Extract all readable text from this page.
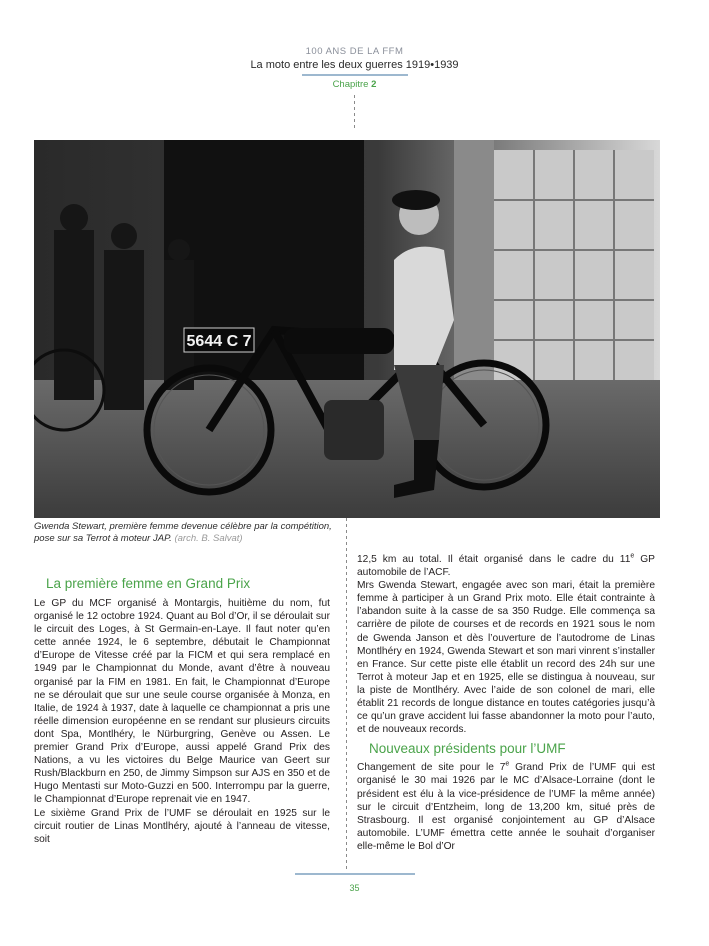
100 ANS DE LA FFM
La moto entre les deux guerres 1919•1939
Chapitre 2
5644 C 7
Gwenda Stewart, première femme devenue célèbre par la compétition, pose sur sa Terrot à moteur JAP. (arch. B. Salvat)
La première femme en Grand Prix

Le GP du MCF organisé à Montargis, huitième du nom, fut organisé le 12 octobre 1924. Quant au Bol d’Or, il se déroulait sur le circuit des Loges, à St Germain-en-Laye. Il faut noter qu’en cette année 1924, le 6 septembre, débutait le Championnat d’Europe de Vitesse créé par la FICM et qui sera remplacé en 1949 par le Championnat du Monde, avant d’être à nouveau organisé par la FIM en 1981. En fait, le Championnat d’Europe ne se déroulait que sur une seule course organisée à Monza, en Italie, de 1924 à 1937, date à laquelle ce championnat a pris une réelle dimension européenne en se rendant sur plusieurs circuits dont Spa, Montlhéry, le Nürburgring, Genève ou Assen. Le premier Grand Prix d’Europe, aussi appelé Grand Prix des Nations, a vu les victoires du Belge Maurice van Geert sur Rush/Blackburn en 250, de Jimmy Simpson sur AJS en 350 et de Hugo Mentasti sur Moto-Guzzi en 500. Interrompu par la guerre, le Championnat d’Europe reprenait vie en 1947.

Le sixième Grand Prix de l’UMF se déroulait en 1925 sur le circuit routier de Linas Montlhéry, ajouté à l’anneau de vitesse, soit

12,5 km au total. Il était organisé dans le cadre du 11e GP automobile de l’ACF.

Mrs Gwenda Stewart, engagée avec son mari, était la première femme à participer à un Grand Prix moto. Elle était contrainte à l’abandon suite à la casse de sa 350 Rudge. Elle commença sa carrière de pilote de courses et de records en 1921 sous le nom de Gwenda Janson et dès l’ouverture de l’autodrome de Linas Montlhéry en 1924, Gwenda Stewart et son mari vinrent s’installer en France. Sur cette piste elle établit un record des 24h sur une Terrot à moteur Jap et en 1925, elle se distingua à nouveau, sur la piste de Montlhéry. Avec l’aide de son colonel de mari, elle établit 21 records de longue distance en toutes catégories jusqu’à ce qu’un grave accident lui fasse abandonner la moto pour l’auto, et de nouveaux records.

Nouveaux présidents pour l’UMF

Changement de site pour le 7e Grand Prix de l’UMF qui est organisé le 30 mai 1926 par le MC d’Alsace-Lorraine (dont le président est élu à la vice-présidence de l’UMF la même année) sur le circuit d’Entzheim, long de 13,200 km, situé près de Strasbourg. Il est organisé conjointement au GP d’Alsace automobile. L’UMF émettra cette année le souhait d’organiser elle-même le Bol d’Or

35
